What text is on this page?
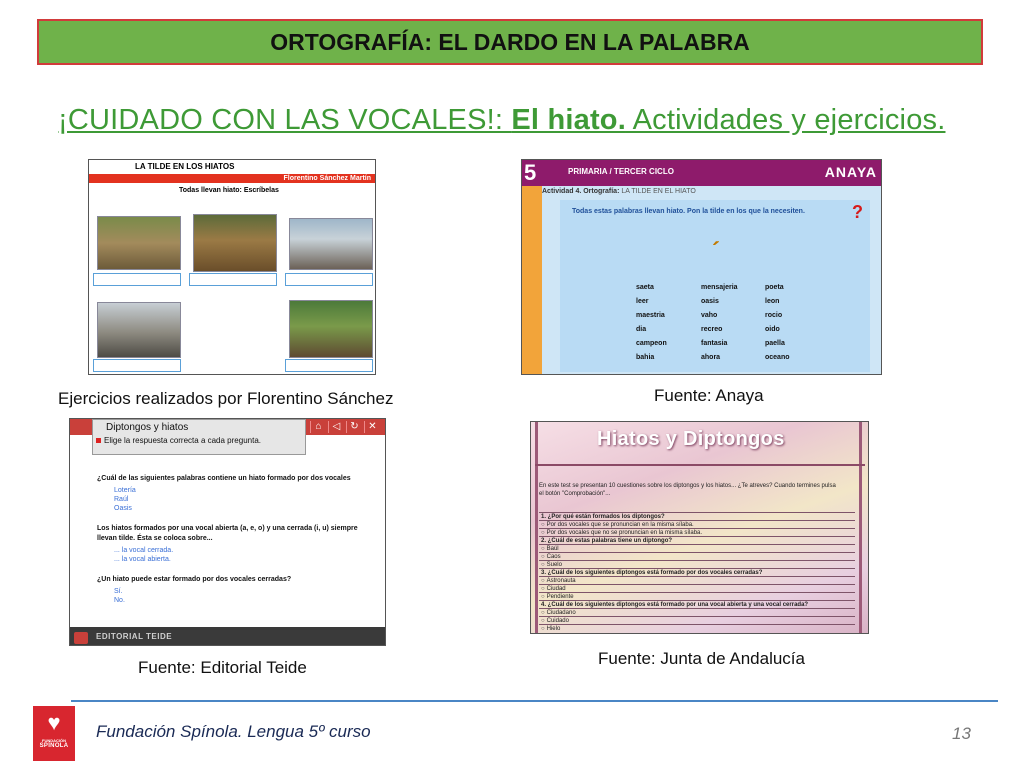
ORTOGRAFÍA: EL DARDO EN LA PALABRA
¡CUIDADO CON LAS VOCALES!: El hiato. Actividades y ejercicios.
LA TILDE EN LOS HIATOS
Florentino Sánchez Martín
Todas llevan hiato: Escríbelas
Ejercicios realizados por Florentino Sánchez
5	PRIMARIA / TERCER CICLO	ANAYA
Actividad 4. Ortografía: LA TILDE EN EL HIATO
Todas estas palabras llevan hiato. Pon la tilde en los que la necesiten.	?
´
saeta	mensajeria	poeta
leer	oasis	leon
maestria	vaho	rocio
dia	recreo	oido
campeon	fantasia	paella
bahia	ahora	oceano
Fuente: Anaya
Diptongos y hiatos
Elige la respuesta correcta a cada pregunta.
⌂	◁ ↻ ✕
¿Cuál de las siguientes palabras contiene un hiato formado por dos vocales
Lotería
Raúl
Oasis
Los hiatos formados por una vocal abierta (a, e, o) y una cerrada (i, u) siempre
llevan tilde. Ésta se coloca sobre...
... la vocal cerrada.
... la vocal abierta.
¿Un hiato puede estar formado por dos vocales cerradas?
Sí.
No.
EDITORIAL TEIDE
Fuente: Editorial Teide
Hiatos y Diptongos
En este test se presentan 10 cuestiones sobre los diptongos y los hiatos... ¿Te atreves? Cuando termines pulsa el botón "Comprobación"...
1. ¿Por qué están formados los diptongos?
○ Por dos vocales que se pronuncian en la misma sílaba.
○ Por dos vocales que no se pronuncian en la misma sílaba.
2. ¿Cuál de estas palabras tiene un diptongo?
○ Baúl
○ Caos
○ Suelo
3. ¿Cuál de los siguientes diptongos está formado por dos vocales cerradas?
○ Astronauta
○ Ciudad
○ Pendiente
4. ¿Cuál de los siguientes diptongos está formado por una vocal abierta y una vocal cerrada?
○ Ciudadano
○ Cuidado
○ Hielo
Fuente: Junta de Andalucía
♥
FUNDACIÓN
SPÍNOLA
Fundación Spínola. Lengua 5º curso	13
